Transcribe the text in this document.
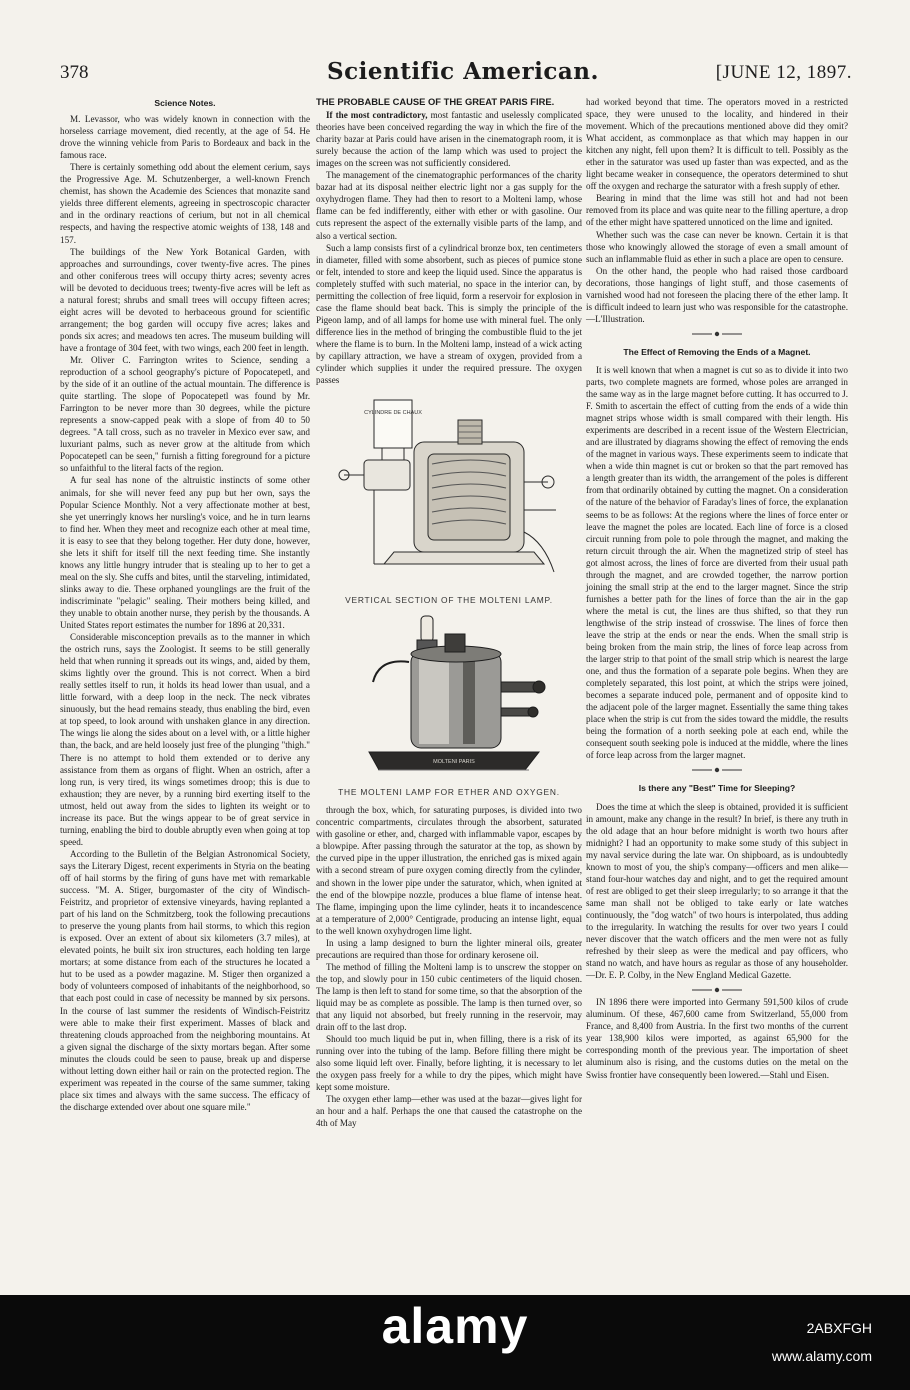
378	Scientific American.	[JUNE 12, 1897.
Science Notes.

M. Levassor, who was widely known in connection with the horseless carriage movement, died recently, at the age of 54. He drove the winning vehicle from Paris to Bordeaux and back in the famous race.

There is certainly something odd about the element cerium, says the Progressive Age. M. Schutzenberger, a well-known French chemist, has shown the Academie des Sciences that monazite sand yields three different elements, agreeing in spectroscopic character and in the ordinary reactions of cerium, but not in all chemical respects, and having the respective atomic weights of 138, 148 and 157.

The buildings of the New York Botanical Garden, with approaches and surroundings, cover twenty-five acres. The pines and other coniferous trees will occupy thirty acres; seventy acres will be devoted to deciduous trees; twenty-five acres will be left as a natural forest; shrubs and small trees will occupy fifteen acres; eight acres will be devoted to herbaceous ground for scientific arrangement; the bog garden will occupy five acres; lakes and ponds six acres; and meadows ten acres. The museum building will have a frontage of 304 feet, with two wings, each 200 feet in length.

Mr. Oliver C. Farrington writes to Science, sending a reproduction of a school geography's picture of Popocatepetl, and by the side of it an outline of the actual mountain. The difference is quite startling. The slope of Popocatepetl was found by Mr. Farrington to be never more than 30 degrees, while the picture represents a snow-capped peak with a slope of from 40 to 50 degrees. "A tall cross, such as no traveler in Mexico ever saw, and luxuriant palms, such as never grow at the altitude from which Popocatepetl can be seen," furnish a fitting foreground for a picture so unfaithful to the literal facts of the region.

A fur seal has none of the altruistic instincts of some other animals, for she will never feed any pup but her own, says the Popular Science Monthly. Not a very affectionate mother at best, she yet unerringly knows her nursling's voice, and he in turn learns to find her. When they meet and recognize each other at meal time, it is easy to see that they belong together. Her duty done, however, she lets it shift for itself till the next feeding time. She instantly knows any little hungry intruder that is stealing up to her to get a meal on the sly. She cuffs and bites, until the starveling, intimidated, slinks away to die. These orphaned younglings are the fruit of the indiscriminate "pelagic" sealing. Their mothers being killed, and they unable to obtain another nurse, they perish by the thousands. A United States report estimates the number for 1896 at 20,331.

Considerable misconception prevails as to the manner in which the ostrich runs, says the Zoologist. It seems to be still generally held that when running it spreads out its wings, and, aided by them, skims lightly over the ground. This is not correct. When a bird really settles itself to run, it holds its head lower than usual, and a little forward, with a deep loop in the neck. The neck vibrates sinuously, but the head remains steady, thus enabling the bird, even at top speed, to look around with unshaken glance in any direction. The wings lie along the sides about on a level with, or a little higher than, the back, and are held loosely just free of the plunging "thigh." There is no attempt to hold them extended or to derive any assistance from them as organs of flight. When an ostrich, after a long run, is very tired, its wings sometimes droop; this is due to exhaustion; they are never, by a running bird exerting itself to the utmost, held out away from the sides to lighten its weight or to increase its pace. But the wings appear to be of great service in turning, enabling the bird to double abruptly even when going at top speed.

According to the Bulletin of the Belgian Astronomical Society, says the Literary Digest, recent experiments in Styria on the beating off of hail storms by the firing of guns have met with remarkable success. "M. A. Stiger, burgomaster of the city of Windisch-Feistritz, and proprietor of extensive vineyards, having replanted a part of his land on the Schmitzberg, took the following precautions to preserve the young plants from hail storms, to which this region is exposed. Over an extent of about six kilometers (3.7 miles), at elevated points, he built six iron structures, each holding ten large mortars; at some distance from each of the structures he located a hut to be used as a powder magazine. M. Stiger then organized a body of volunteers composed of inhabitants of the neighborhood, so that each post could in case of necessity be manned by six persons. In the course of last summer the residents of Windisch-Feistritz were able to make their first experiment. Masses of black and threatening clouds approached from the neighboring mountains. At a given signal the discharge of the sixty mortars began. After some minutes the clouds could be seen to pause, break up and disperse without letting down either hail or rain on the protected region. The experiment was repeated in the course of the same summer, taking place six times and always with the same success. The efficacy of the discharge extended over about one square mile."

THE PROBABLE CAUSE OF THE GREAT PARIS FIRE.

If the most contradictory, most fantastic and uselessly complicated theories have been conceived regarding the way in which the fire of the charity bazar at Paris could have arisen in the cinematograph room, it is surely because the action of the lamp which was used to project the images on the screen was not sufficiently considered.

The management of the cinematographic performances of the charity bazar had at its disposal neither electric light nor a gas supply for the oxyhydrogen flame. They had then to resort to a Molteni lamp, whose flame can be fed indifferently, either with ether or with gasoline. Our cuts represent the aspect of the externally visible parts of the lamp, and also a vertical section.

Such a lamp consists first of a cylindrical bronze box, ten centimeters in diameter, filled with some absorbent, such as pieces of pumice stone or felt, intended to store and keep the liquid used. Since the apparatus is completely stuffed with such material, no space in the interior can, by permitting the collection of free liquid, form a reservoir for explosion in case the flame should beat back. This is simply the principle of the Pigeon lamp, and of all lamps for home use with mineral fuel. The only difference lies in the method of bringing the combustible fluid to the jet where the flame is to burn. In the Molteni lamp, instead of a wick acting by capillary attraction, we have a stream of oxygen, provided from a cylinder which supplies it under the required pressure. The oxygen passes

CYLINDRE DE CHAUX
VERTICAL SECTION OF THE MOLTENI LAMP.
MOLTENI PARIS
THE MOLTENI LAMP FOR ETHER AND OXYGEN.

through the box, which, for saturating purposes, is divided into two concentric compartments, circulates through the absorbent, saturated with gasoline or ether, and, charged with inflammable vapor, escapes by a blowpipe. After passing through the saturator at the top, as shown by the curved pipe in the upper illustration, the enriched gas is mixed again with a second stream of pure oxygen coming directly from the cylinder, and shown in the lower pipe under the saturator, which, when ignited at the end of the blowpipe nozzle, produces a blue flame of intense heat. The flame, impinging upon the lime cylinder, heats it to incandescence at a temperature of 2,000° Centigrade, producing an intense light, equal to the well known oxyhydrogen lime light.

In using a lamp designed to burn the lighter mineral oils, greater precautions are required than those for ordinary kerosene oil.

The method of filling the Molteni lamp is to unscrew the stopper on the top, and slowly pour in 150 cubic centimeters of the liquid chosen. The lamp is then left to stand for some time, so that the absorption of the liquid may be as complete as possible. The lamp is then turned over, so that any liquid not absorbed, but freely running in the reservoir, may drain off to the last drop.

Should too much liquid be put in, when filling, there is a risk of its running over into the tubing of the lamp. Before filling there might be also some liquid left over. Finally, before lighting, it is necessary to let the oxygen pass freely for a while to dry the pipes, which might have kept some moisture.

The oxygen ether lamp—ether was used at the bazar—gives light for an hour and a half. Perhaps the one that caused the catastrophe on the 4th of May

had worked beyond that time. The operators moved in a restricted space, they were unused to the locality, and hindered in their movement. Which of the precautions mentioned above did they omit? What accident, as commonplace as that which may happen in our kitchen any night, fell upon them? It is difficult to tell. Possibly as the ether in the saturator was used up faster than was expected, and as the light became weaker in consequence, the operators determined to shut off the oxygen and recharge the saturator with a fresh supply of ether.

Bearing in mind that the lime was still hot and had not been removed from its place and was quite near to the filling aperture, a drop of the ether might have spattered unnoticed on the lime and ignited.

Whether such was the case can never be known. Certain it is that those who knowingly allowed the storage of even a small amount of such an inflammable fluid as ether in such a place are open to censure.

On the other hand, the people who had raised those cardboard decorations, those hangings of light stuff, and those casements of varnished wood had not foreseen the placing there of the ether lamp. It is difficult indeed to learn just who was responsible for the catastrophe.—L'Illustration.

The Effect of Removing the Ends of a Magnet.

It is well known that when a magnet is cut so as to divide it into two parts, two complete magnets are formed, whose poles are arranged in the same way as in the large magnet before cutting. It has occurred to J. F. Smith to ascertain the effect of cutting from the ends of a wide thin magnet strips whose width is small compared with their length. His experiments are described in a recent issue of the Western Electrician, and are illustrated by diagrams showing the effect of removing the ends of the magnet in various ways. These experiments seem to indicate that when a wide thin magnet is cut or broken so that the part removed has a length greater than its width, the arrangement of the poles is different from that ordinarily obtained by cutting the magnet. On a consideration of the nature of the behavior of Faraday's lines of force, the explanation seems to be as follows: At the regions where the lines of force enter or leave the magnet the poles are located. Each line of force is a closed circuit running from pole to pole through the magnet, and making the return circuit through the air. When the magnetized strip of steel has got almost across, the lines of force are diverted from their usual path through the magnet, and are crowded together, the narrow portion joining the small strip at the end to the larger magnet. Since the strip furnishes a better path for the lines of force than the air in the gap where the metal is cut, the lines are thus shifted, so that they run lengthwise of the strip instead of crosswise. The lines of force then leave the strip at the ends or near the ends. When the small strip is being broken from the main strip, the lines of force leap across from the larger strip to that point of the small strip which is nearest the large one, and thus the formation of a separate pole begins. When they are completely separated, this lost point, at which the strips were joined, becomes a separate induced pole, permanent and of opposite kind to the adjacent pole of the larger magnet. Essentially the same thing takes place when the strip is cut from the sides toward the middle, the results being the formation of a north seeking pole at each end, while the consequent south seeking pole is induced at the middle, where the lines of force leap across from the larger magnet.

Is there any "Best" Time for Sleeping?

Does the time at which the sleep is obtained, provided it is sufficient in amount, make any change in the result? In brief, is there any truth in the old adage that an hour before midnight is worth two hours after midnight? I had an opportunity to make some study of this subject in my naval service during the late war. On shipboard, as is undoubtedly known to most of you, the ship's company—officers and men alike—stand four-hour watches day and night, and to get the required amount of rest are obliged to get their sleep irregularly; to so arrange it that the same man shall not be obliged to take early or late watches continuously, the "dog watch" of two hours is interpolated, thus adding to the irregularity. In watching the results for over two years I could never discover that the watch officers and the men were not as fully refreshed by their sleep as were the medical and pay officers, who stand no watch, and have hours as regular as those of any householder.—Dr. E. P. Colby, in the New England Medical Gazette.

IN 1896 there were imported into Germany 591,500 kilos of crude aluminum. Of these, 467,600 came from Switzerland, 55,000 from France, and 8,400 from Austria. In the first two months of the current year 138,900 kilos were imported, as against 65,900 for the corresponding month of the previous year. The importation of sheet aluminum also is rising, and the customs duties on the metal on the Swiss frontier have consequently been lowered.—Stahl und Eisen.

alamy	2ABXFGH
www.alamy.com
